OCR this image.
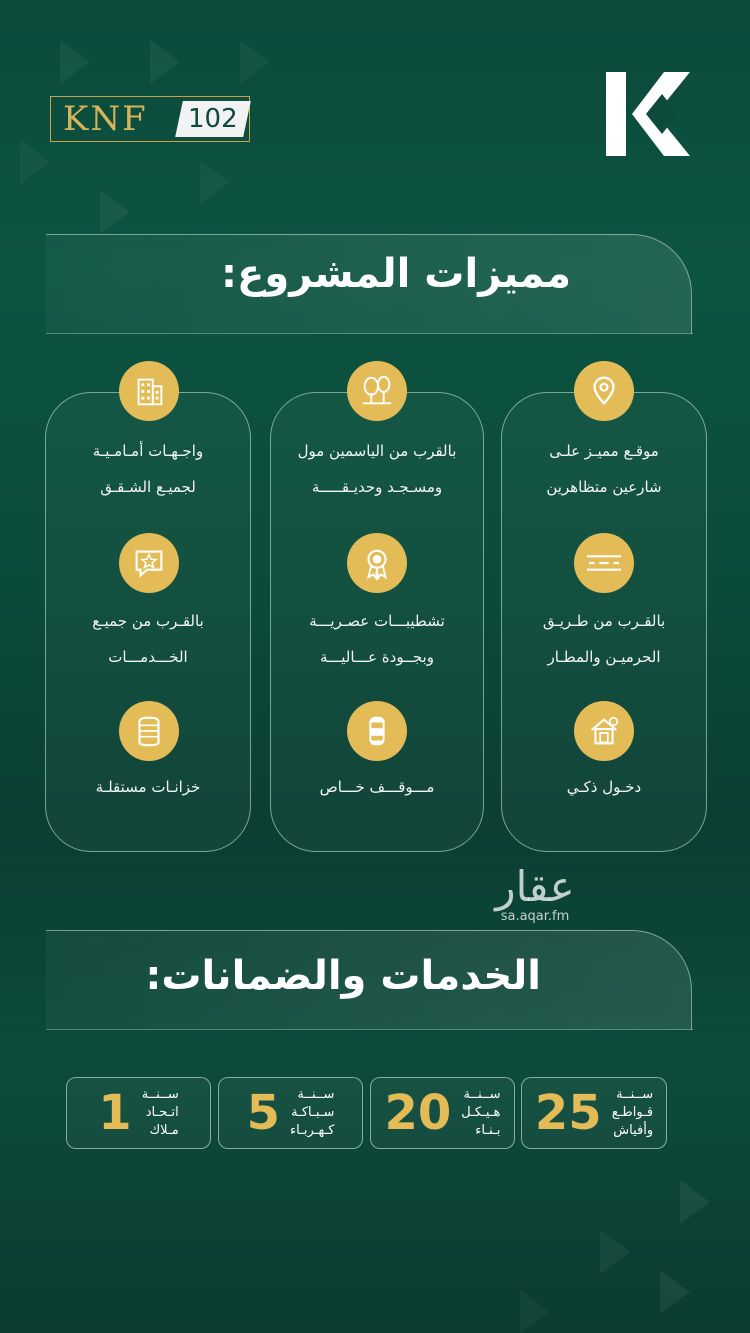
KNF	102
مميزات المشروع:
موقـع مميـز علـى
شارعين متظاهرين
بالقـرب من طـريـق
الحرميـن والمطـار
دخـول ذكـي
بالقرب من الياسمين مول
ومسـجـد وحديـقـــــة
تشطيبـــات عصـريـــة
وبجــودة عـــاليـــة
مـــوقـــف خـــاص
واجـهـات أمـامـيـة
لجميـع الشـقـق
بالقـرب من جميـع
الخـــدمـــات
خزانـات مستقلـة
عقار
sa.aqar.fm
الخدمات والضمانات:
ســنــة
قـواطـع
وأفياش
25
ســنــة
هـيـكـل
بـنـاء
20
ســنــة
سـبـاكـة
كـهـربـاء
5
ســنــة
اتـحـاد
مـلاك
1
